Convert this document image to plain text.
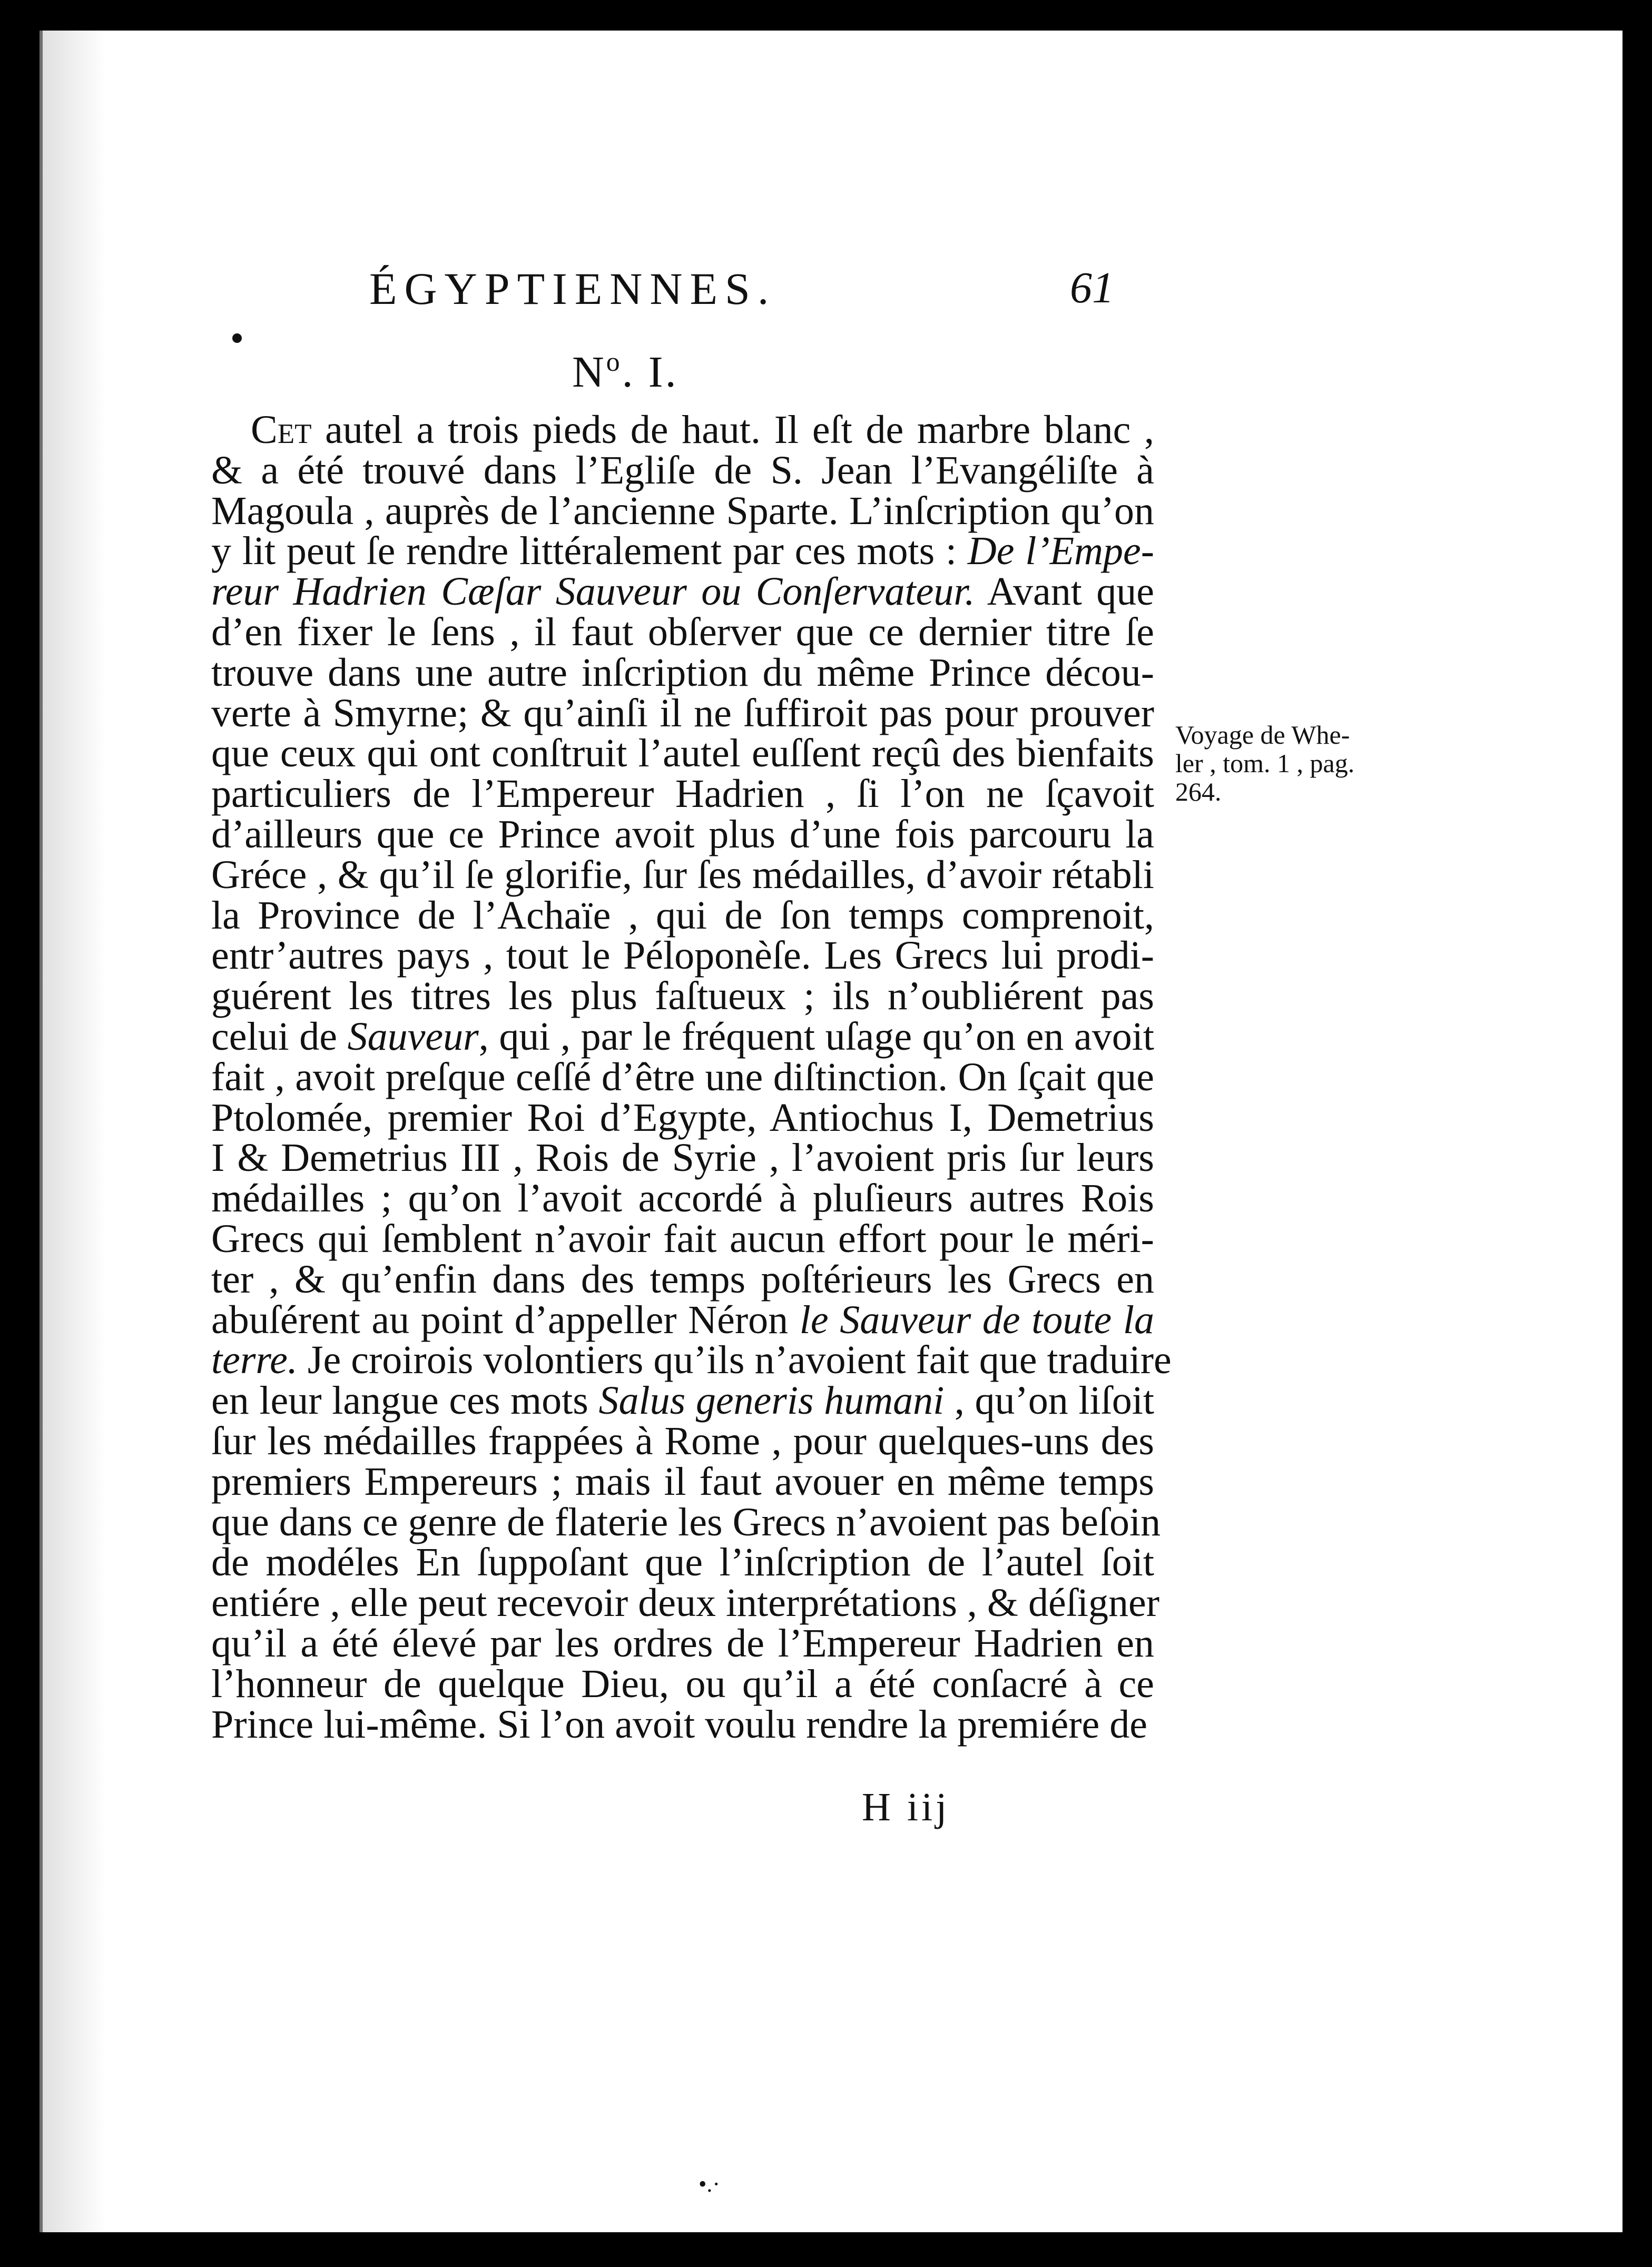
ÉGYPTIENNES.	61
$N^o$. I.
Cet autel a trois pieds de haut. Il eſt de marbre blanc ,
& a été trouvé dans l’Egliſe de S. Jean l’Evangéliſte à
Magoula , auprès de l’ancienne Sparte. L’inſcription qu’on
y lit peut ſe rendre littéralement par ces mots : De l’Empe-
reur Hadrien Cæſar Sauveur ou Conſervateur. Avant que
d’en fixer le ſens , il faut obſerver que ce dernier titre ſe
trouve dans une autre inſcription du même Prince décou-
verte à Smyrne; & qu’ainſi il ne ſuffiroit pas pour prouver
que ceux qui ont conſtruit l’autel euſſent reçû des bienfaits
particuliers de l’Empereur Hadrien , ſi l’on ne ſçavoit
d’ailleurs que ce Prince avoit plus d’une fois parcouru la
Gréce , & qu’il ſe glorifie, ſur ſes médailles, d’avoir rétabli
la Province de l’Achaïe , qui de ſon temps comprenoit,
entr’autres pays , tout le Péloponèſe. Les Grecs lui prodi-
guérent les titres les plus faſtueux ; ils n’oubliérent pas
celui de Sauveur, qui , par le fréquent uſage qu’on en avoit
fait , avoit preſque ceſſé d’être une diſtinction. On ſçait que
Ptolomée, premier Roi d’Egypte, Antiochus I, Demetrius
I & Demetrius III , Rois de Syrie , l’avoient pris ſur leurs
médailles ; qu’on l’avoit accordé à pluſieurs autres Rois
Grecs qui ſemblent n’avoir fait aucun effort pour le méri-
ter , & qu’enfin dans des temps poſtérieurs les Grecs en
abuſérent au point d’appeller Néron le Sauveur de toute la
terre. Je croirois volontiers qu’ils n’avoient fait que traduire
en leur langue ces mots Salus generis humani , qu’on liſoit
ſur les médailles frappées à Rome , pour quelques-uns des
premiers Empereurs ; mais il faut avouer en même temps
que dans ce genre de flaterie les Grecs n’avoient pas beſoin
de modéles En ſuppoſant que l’inſcription de l’autel ſoit
entiére , elle peut recevoir deux interprétations , & déſigner
qu’il a été élevé par les ordres de l’Empereur Hadrien en
l’honneur de quelque Dieu, ou qu’il a été conſacré à ce
Prince lui-même. Si l’on avoit voulu rendre la premiére de
Voyage de Whe-
ler , tom. 1 , pag.
264.
H iij
•.·
